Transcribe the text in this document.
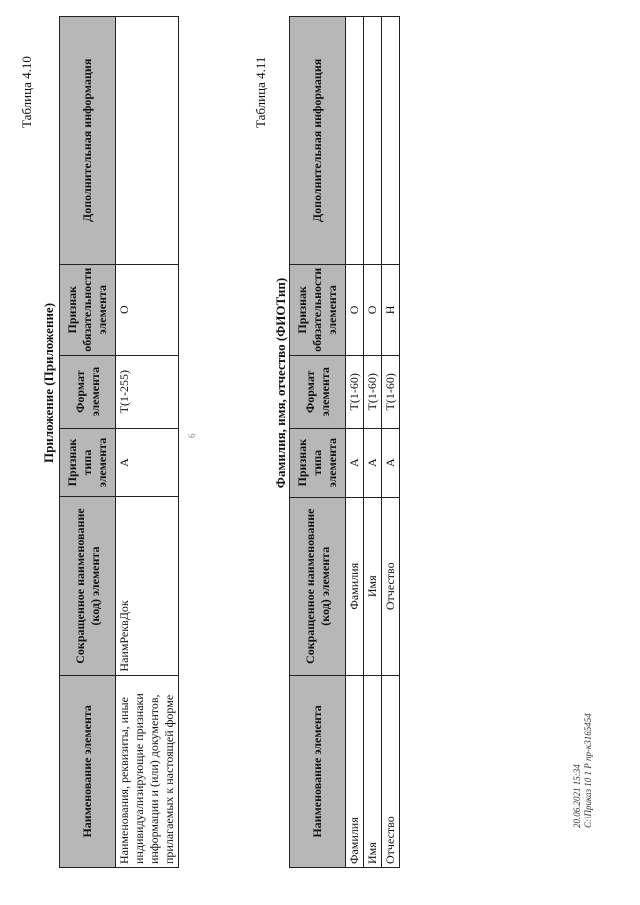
Таблица 4.10
Приложение (Приложение)
Наименование элемента	Сокращенное наименование (код) элемента	Признак типа элемента	Формат элемента	Признак обязательности элемента	Дополнительная информация
Наименования, реквизиты, иные индивидуализирующие признаки информации и (или) документов, прилагаемых к настоящей форме	НаимРеквДок	А	Т(1-255)	О	
6
Таблица 4.11
Фамилия, имя, отчество (ФИОТип)
Наименование элемента	Сокращенное наименование (код) элемента	Признак типа элемента	Формат элемента	Признак обязательности элемента	Дополнительная информация
Фамилия	Фамилия	А	Т(1-60)	О	
Имя	Имя	А	Т(1-60)	О	
Отчество	Отчество	А	Т(1-60)	Н	
20.06.2021 15:34 С:\Приказ 10 1 Р пр-к3165454
